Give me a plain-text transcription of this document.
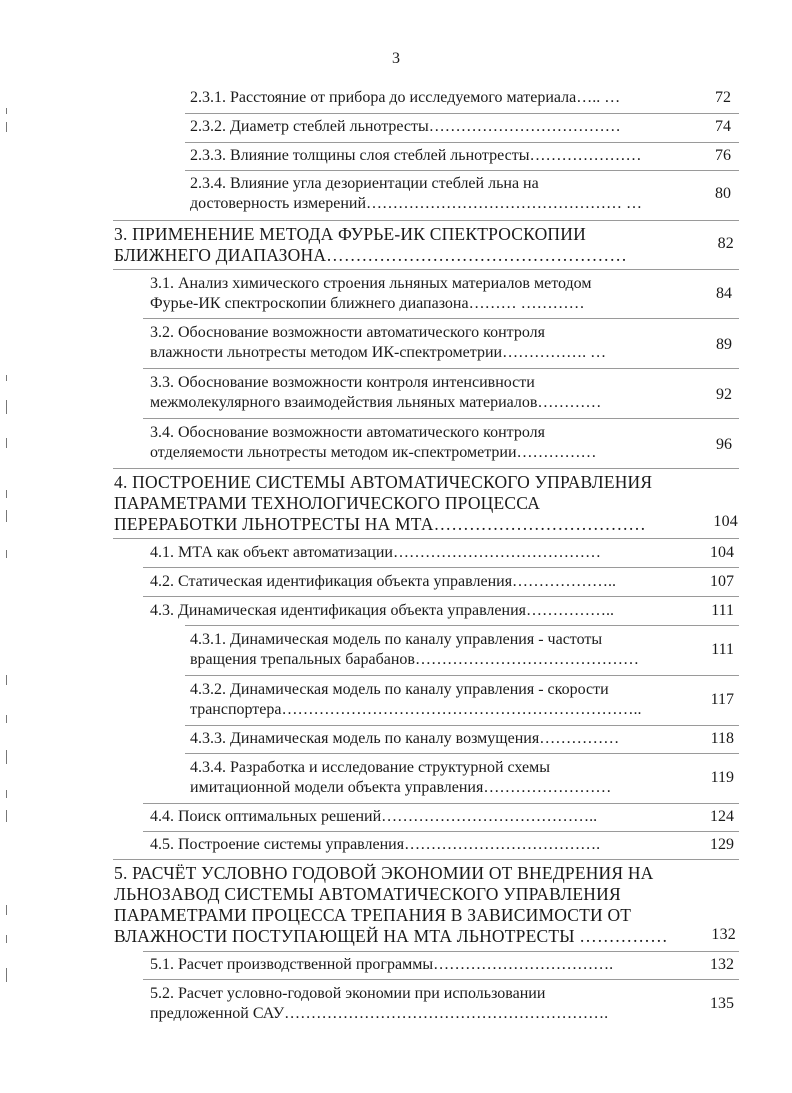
3
2.3.1. Расстояние от прибора до исследуемого материала….. …	72
2.3.2. Диаметр стеблей льнотресты………………………………	74
2.3.3. Влияние толщины слоя стеблей льнотресты…………………	76
2.3.4. Влияние угла дезориентации стеблей льна на
достоверность измерений………………………………………… …
80
3. ПРИМЕНЕНИЕ МЕТОДА ФУРЬЕ-ИК СПЕКТРОСКОПИИ
БЛИЖНЕГО ДИАПАЗОНА……………………………………………
82
3.1. Анализ химического строения льняных материалов методом
Фурье-ИК спектроскопии ближнего диапазона……… …………
84
3.2. Обоснование возможности автоматического контроля
влажности льнотресты методом ИК-спектрометрии……………. …	89
3.3. Обоснование возможности контроля интенсивности
межмолекулярного взаимодействия льняных материалов…………	92
3.4. Обоснование возможности автоматического контроля
отделяемости льнотресты методом ик-спектрометрии……………	96
4. ПОСТРОЕНИЕ СИСТЕМЫ АВТОМАТИЧЕСКОГО УПРАВЛЕНИЯ
ПАРАМЕТРАМИ ТЕХНОЛОГИЧЕСКОГО ПРОЦЕССА
ПЕРЕРАБОТКИ ЛЬНОТРЕСТЫ НА МТА………………………………	104
4.1. МТА как объект автоматизации…………………………………	104
4.2. Статическая идентификация объекта управления………………..	107
4.3. Динамическая идентификация объекта управления……………..	111
4.3.1. Динамическая модель по каналу управления - частоты
вращения трепальных барабанов……………………………………
111
4.3.2. Динамическая модель по каналу управления - скорости
транспортера…………………………………………………………..
117
4.3.3. Динамическая модель по каналу возмущения……………	118
4.3.4. Разработка и исследование структурной схемы
имитационной модели объекта управления……………………
119
4.4. Поиск оптимальных решений…………………………………..	124
4.5. Построение системы управления……………………………….	129
5. РАСЧЁТ УСЛОВНО ГОДОВОЙ ЭКОНОМИИ ОТ ВНЕДРЕНИЯ НА
ЛЬНОЗАВОД СИСТЕМЫ АВТОМАТИЧЕСКОГО УПРАВЛЕНИЯ
ПАРАМЕТРАМИ ПРОЦЕССА ТРЕПАНИЯ В ЗАВИСИМОСТИ ОТ
ВЛАЖНОСТИ ПОСТУПАЮЩЕЙ НА МТА ЛЬНОТРЕСТЫ ……………	132
5.1. Расчет производственной программы…………………………….	132
5.2. Расчет условно-годовой экономии при использовании
предложенной САУ…………………………………………………….
135
